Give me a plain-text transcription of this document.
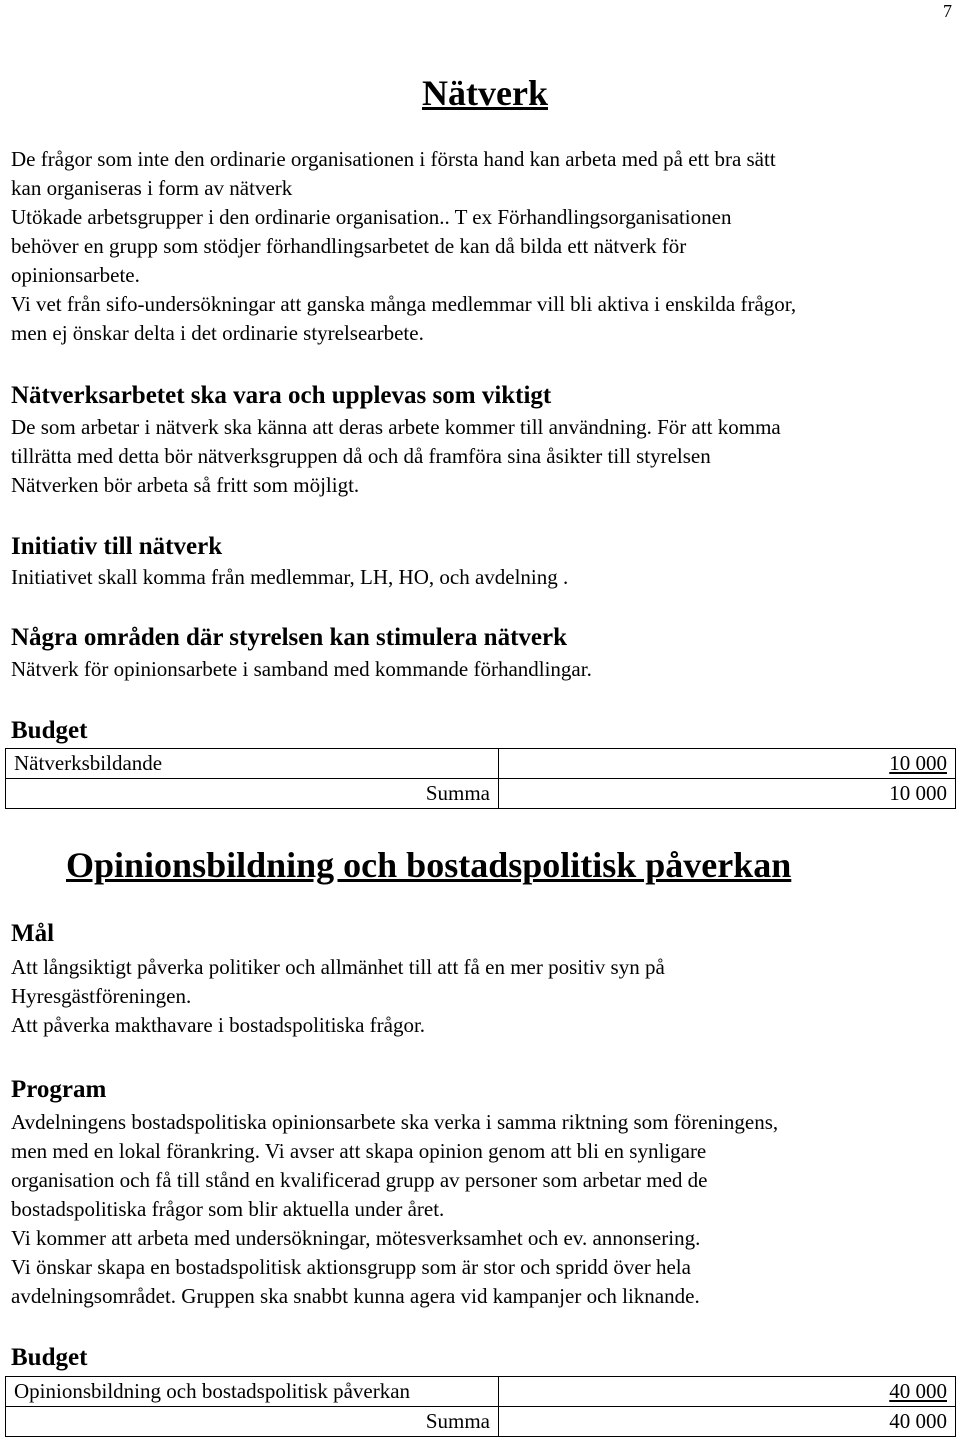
7
Nätverk
De frågor som inte den ordinarie organisationen i första hand kan arbeta med på ett bra sätt
kan organiseras i form av nätverk
Utökade arbetsgrupper i den ordinarie organisation.. T ex Förhandlingsorganisationen
behöver en grupp som stödjer förhandlingsarbetet de kan då bilda ett nätverk för
opinionsarbete.
Vi vet från sifo-undersökningar att ganska många medlemmar vill bli aktiva i enskilda frågor,
men ej önskar delta i det ordinarie styrelsearbete.
Nätverksarbetet ska vara och upplevas som viktigt
De som arbetar i nätverk ska känna att deras arbete kommer till användning. För att komma
tillrätta med detta bör nätverksgruppen då och då framföra sina åsikter till styrelsen
Nätverken bör arbeta så fritt som möjligt.
Initiativ till nätverk
Initiativet skall komma från medlemmar, LH, HO, och avdelning .
Några områden där styrelsen kan stimulera nätverk
Nätverk för opinionsarbete i samband med kommande förhandlingar.
Budget
Nätverksbildande	10 000
Summa	10 000
Opinionsbildning och bostadspolitisk påverkan
Mål
Att långsiktigt påverka politiker och allmänhet till att få en mer positiv syn på
Hyresgästföreningen.
Att påverka makthavare i bostadspolitiska frågor.
Program
Avdelningens bostadspolitiska opinionsarbete ska verka i samma riktning som föreningens,
men med en lokal förankring. Vi avser att skapa opinion genom att bli en synligare
organisation och få till stånd en kvalificerad grupp av personer som arbetar med de
bostadspolitiska frågor som blir aktuella under året.
Vi kommer att arbeta med undersökningar, mötesverksamhet och ev. annonsering.
Vi önskar skapa en bostadspolitisk aktionsgrupp som är stor och spridd över hela
avdelningsområdet. Gruppen ska snabbt kunna agera vid kampanjer och liknande.
Budget
Opinionsbildning och bostadspolitisk påverkan	40 000
Summa	40 000
